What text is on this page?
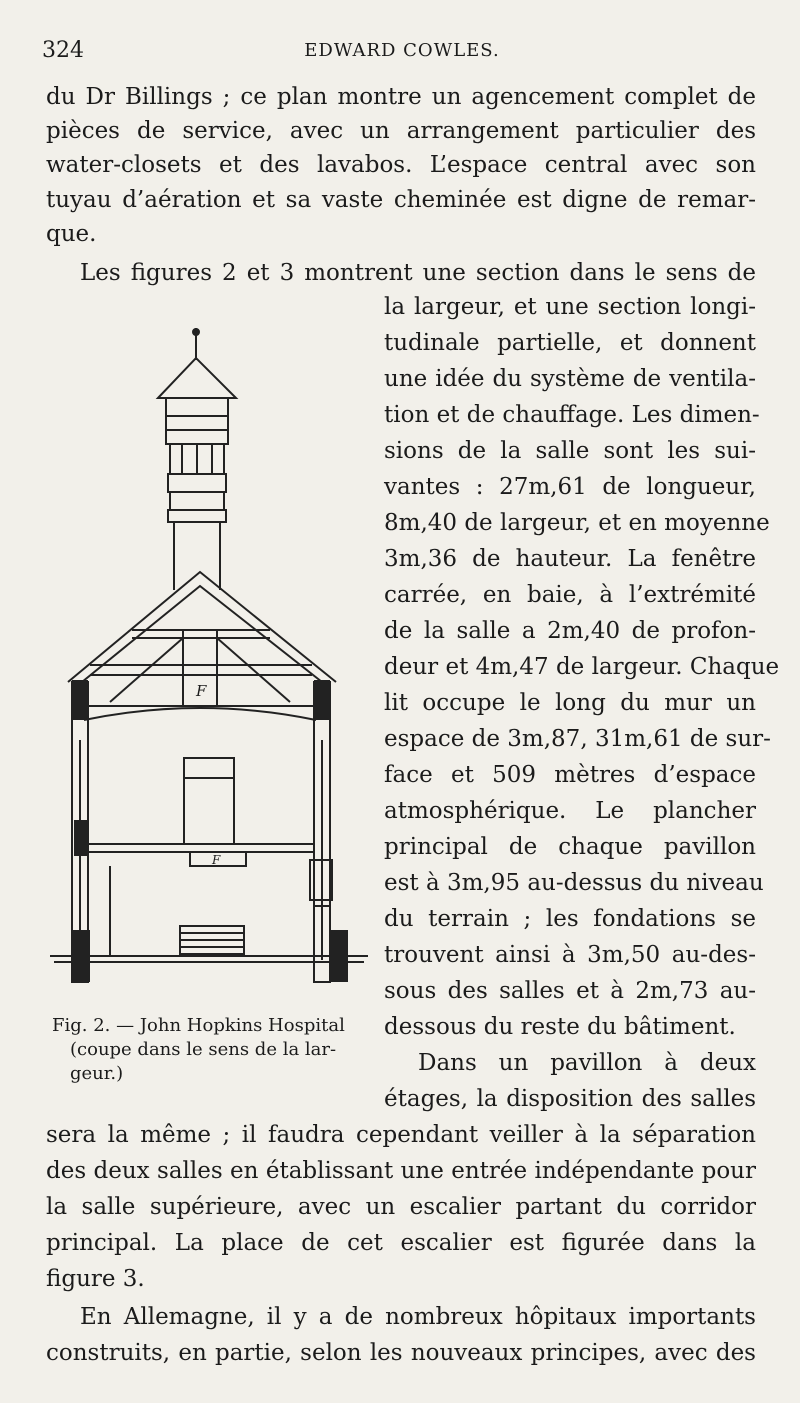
324	EDWARD COWLES.
du Dr Billings ; ce plan montre un agencement complet de
pièces de service, avec un arrangement particulier des
water-closets et des lavabos. L’espace central avec son
tuyau d’aération et sa vaste cheminée est digne de remar-
que.
Les figures 2 et 3 montrent une section dans le sens de
la largeur, et une section longi-
tudinale partielle, et donnent
une idée du système de ventila-
tion et de chauffage. Les dimen-
sions de la salle sont les sui-
vantes : 27m,61 de longueur,
8m,40 de largeur, et en moyenne
3m,36 de hauteur. La fenêtre
carrée, en baie, à l’extrémité
de la salle a 2m,40 de profon-
deur et 4m,47 de largeur. Chaque
lit occupe le long du mur un
espace de 3m,87, 31m,61 de sur-
face et 509 mètres d’espace
atmosphérique. Le plancher
principal de chaque pavillon
est à 3m,95 au-dessus du niveau
du terrain ; les fondations se
trouvent ainsi à 3m,50 au-des-
sous des salles et à 2m,73 au-
dessous du reste du bâtiment.
Dans un pavillon à deux
étages, la disposition des salles
sera la même ; il faudra cependant veiller à la séparation
des deux salles en établissant une entrée indépendante pour
la salle supérieure, avec un escalier partant du corridor
principal. La place de cet escalier est figurée dans la
figure 3.
En Allemagne, il y a de nombreux hôpitaux importants
construits, en partie, selon les nouveaux principes, avec des
F
F
Fig. 2. — John Hopkins Hospital
(coupe dans le sens de la lar-
geur.)
